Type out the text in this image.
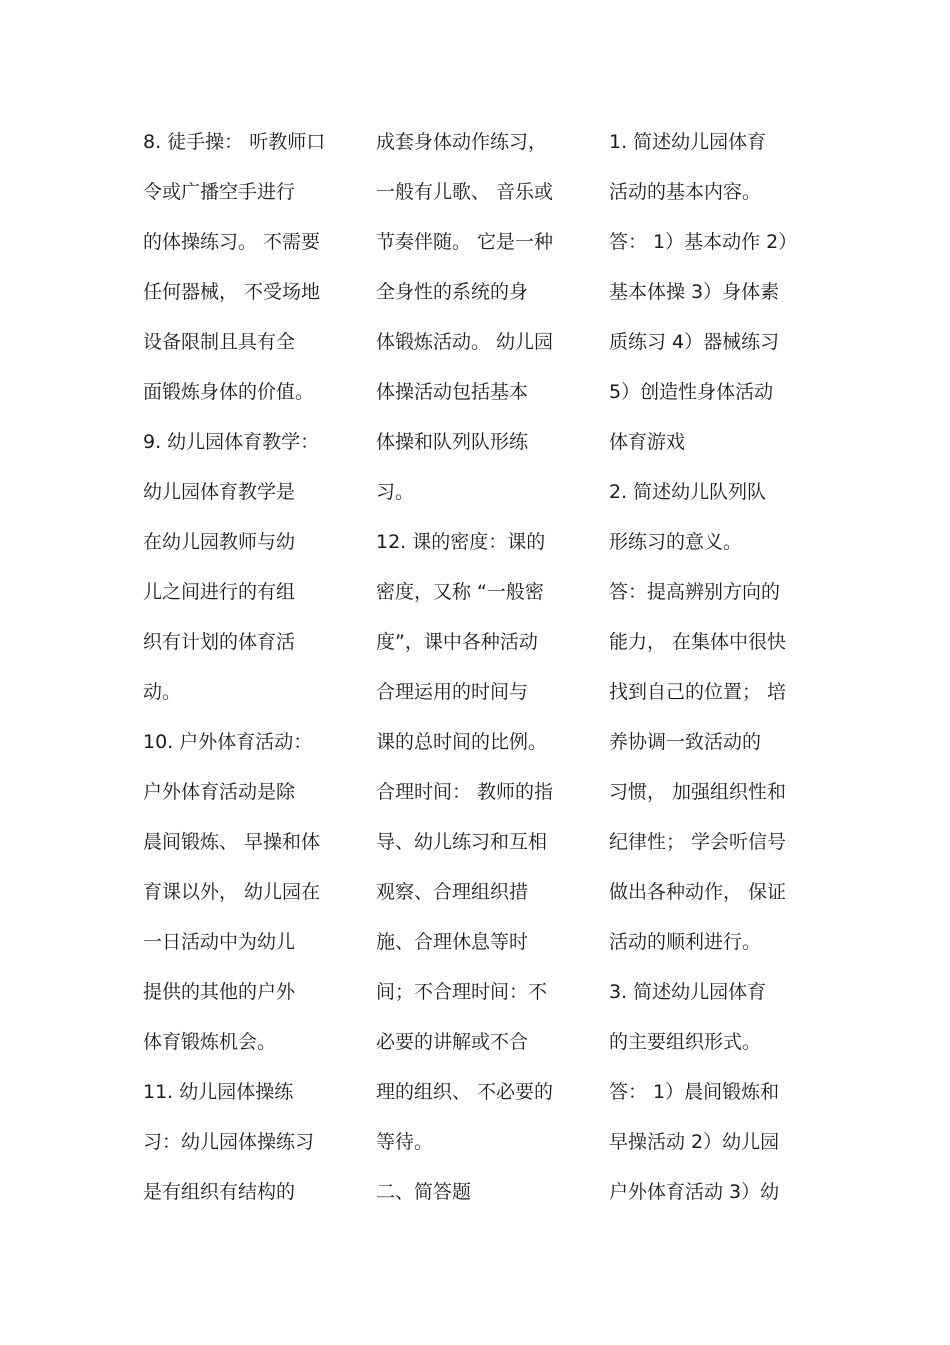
8. 徒手操： 听教师口
令或广播空手进行
的体操练习。 不需要
任何器械， 不受场地
设备限制且具有全
面锻炼身体的价值。
9. 幼儿园体育教学：
幼儿园体育教学是
在幼儿园教师与幼
儿之间进行的有组
织有计划的体育活
动。
10. 户外体育活动：
户外体育活动是除
晨间锻炼、 早操和体
育课以外， 幼儿园在
一日活动中为幼儿
提供的其他的户外
体育锻炼机会。
11. 幼儿园体操练
习：幼儿园体操练习
是有组织有结构的
成套身体动作练习，
一般有儿歌、 音乐或
节奏伴随。 它是一种
全身性的系统的身
体锻炼活动。 幼儿园
体操活动包括基本
体操和队列队形练
习。
12. 课的密度：课的
密度，又称 “一般密
度”，课中各种活动
合理运用的时间与
课的总时间的比例。
合理时间： 教师的指
导、幼儿练习和互相
观察、合理组织措
施、合理休息等时
间；不合理时间：不
必要的讲解或不合
理的组织、 不必要的
等待。
二、简答题
1. 简述幼儿园体育
活动的基本内容。
答： 1）基本动作 2）
基本体操 3）身体素
质练习 4）器械练习
5）创造性身体活动
体育游戏
2. 简述幼儿队列队
形练习的意义。
答：提高辨别方向的
能力， 在集体中很快
找到自己的位置； 培
养协调一致活动的
习惯， 加强组织性和
纪律性； 学会听信号
做出各种动作， 保证
活动的顺利进行。
3. 简述幼儿园体育
的主要组织形式。
答： 1）晨间锻炼和
早操活动 2）幼儿园
户外体育活动 3）幼
